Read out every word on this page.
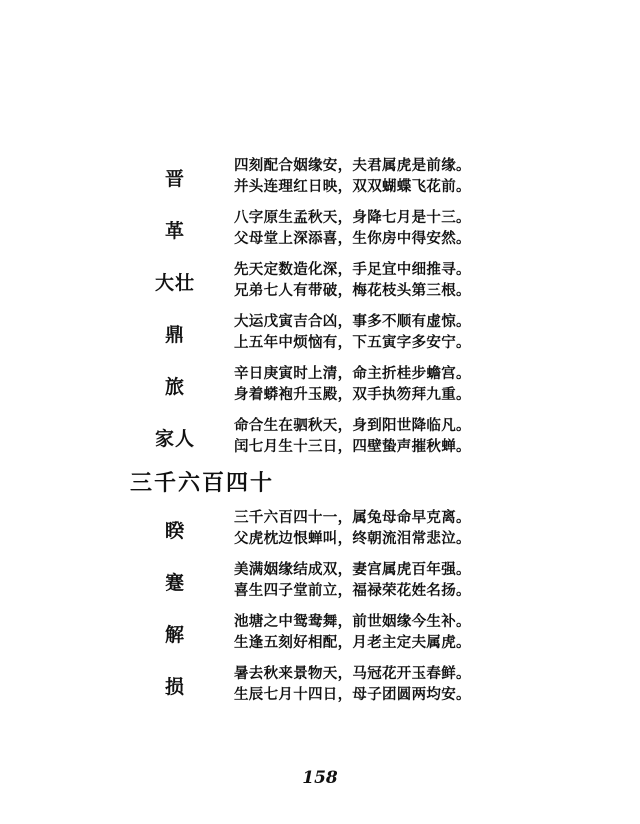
晋
四刻配合姻缘安，夫君属虎是前缘。
并头连理红日映，双双蝴蝶飞花前。
革
八字原生孟秋天，身降七月是十三。
父母堂上深添喜，生你房中得安然。
大壮
先天定数造化深，手足宜中细推寻。
兄弟七人有带破，梅花枝头第三根。
鼎
大运戊寅吉合凶，事多不顺有虚惊。
上五年中烦恼有，下五寅字多安宁。
旅
辛日庚寅时上清，命主折桂步蟾宫。
身着蟒袍升玉殿，双手执笏拜九重。
家人
命合生在驷秋天，身到阳世降临凡。
闰七月生十三日，四壁蛰声摧秋蝉。
三千六百四十
睽
三千六百四十一，属兔母命早克离。
父虎枕边恨蝉叫，终朝流泪常悲泣。
蹇
美满姻缘结成双，妻宫属虎百年强。
喜生四子堂前立，福禄荣花姓名扬。
解
池塘之中鸳鸯舞，前世姻缘今生补。
生逢五刻好相配，月老主定夫属虎。
损
暑去秋来景物天，马冠花开玉春鲜。
生辰七月十四日，母子团圆两均安。
158
